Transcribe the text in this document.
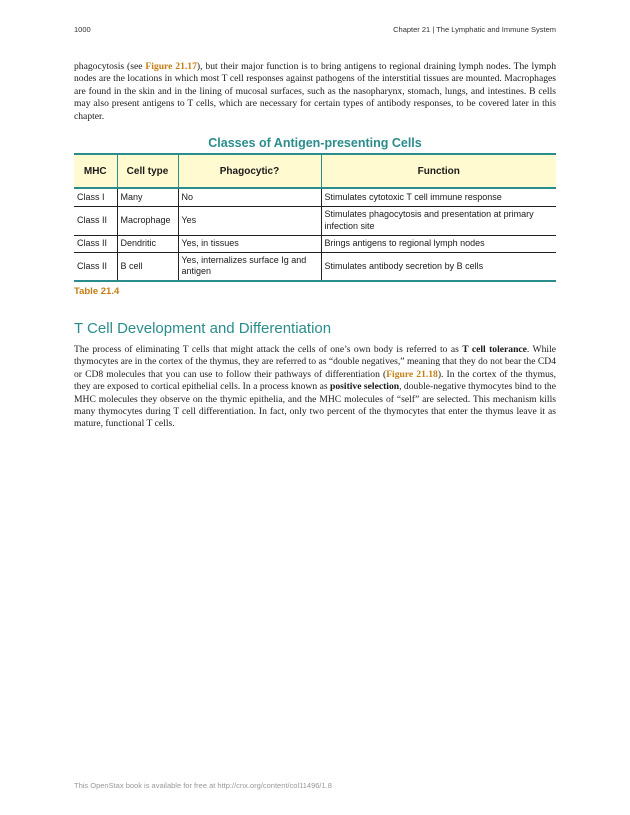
1000	Chapter 21 | The Lymphatic and Immune System

phagocytosis (see Figure 21.17), but their major function is to bring antigens to regional draining lymph nodes. The lymph nodes are the locations in which most T cell responses against pathogens of the interstitial tissues are mounted. Macrophages are found in the skin and in the lining of mucosal surfaces, such as the nasopharynx, stomach, lungs, and intestines. B cells may also present antigens to T cells, which are necessary for certain types of antibody responses, to be covered later in this chapter.

Classes of Antigen-presenting Cells
MHC	Cell type	Phagocytic?	Function
Class I	Many	No	Stimulates cytotoxic T cell immune response
Class II	Macrophage	Yes	Stimulates phagocytosis and presentation at primary infection site
Class II	Dendritic	Yes, in tissues	Brings antigens to regional lymph nodes
Class II	B cell	Yes, internalizes surface Ig and antigen	Stimulates antibody secretion by B cells
Table 21.4
T Cell Development and Differentiation

The process of eliminating T cells that might attack the cells of one’s own body is referred to as T cell tolerance. While thymocytes are in the cortex of the thymus, they are referred to as “double negatives,” meaning that they do not bear the CD4 or CD8 molecules that you can use to follow their pathways of differentiation (Figure 21.18). In the cortex of the thymus, they are exposed to cortical epithelial cells. In a process known as positive selection, double-negative thymocytes bind to the MHC molecules they observe on the thymic epithelia, and the MHC molecules of “self” are selected. This mechanism kills many thymocytes during T cell differentiation. In fact, only two percent of the thymocytes that enter the thymus leave it as mature, functional T cells.

This OpenStax book is available for free at http://cnx.org/content/col11496/1.8
